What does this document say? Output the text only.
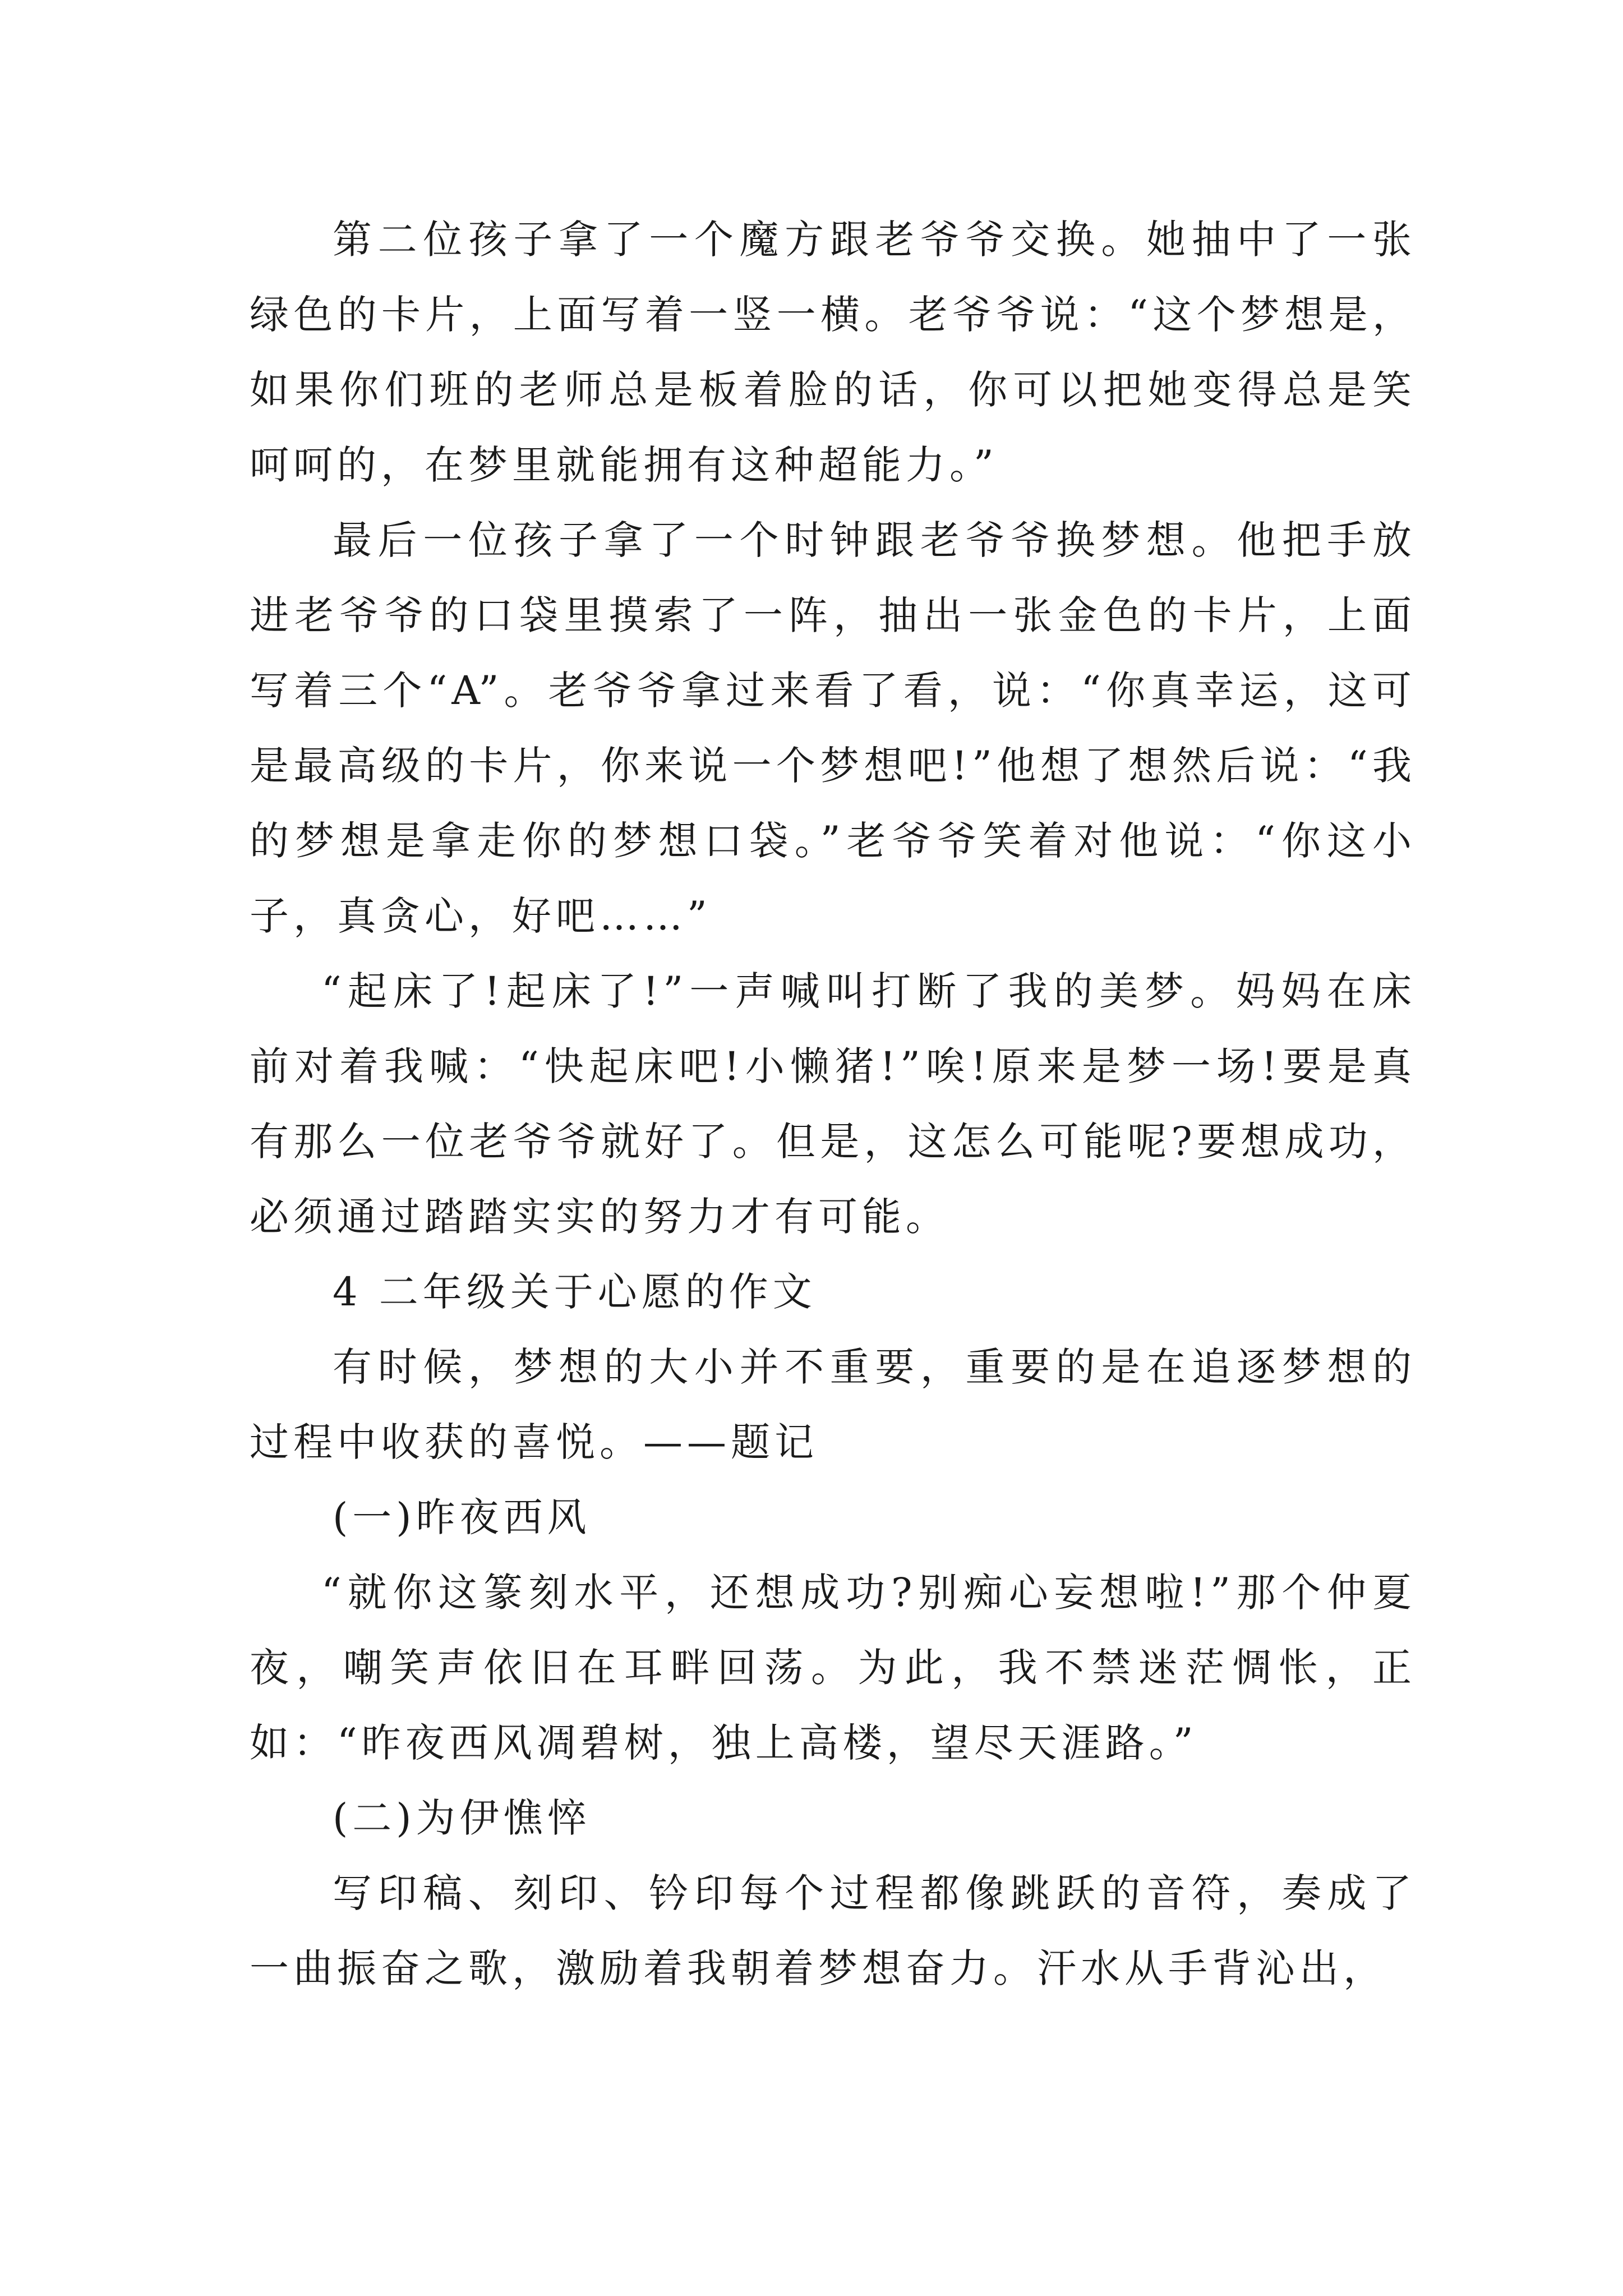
第二位孩子拿了一个魔方跟老爷爷交换。她抽中了一张绿色的卡片，上面写着一竖一横。老爷爷说：“这个梦想是，如果你们班的老师总是板着脸的话，你可以把她变得总是笑呵呵的，在梦里就能拥有这种超能力。”

最后一位孩子拿了一个时钟跟老爷爷换梦想。他把手放进老爷爷的口袋里摸索了一阵，抽出一张金色的卡片，上面写着三个“A”。老爷爷拿过来看了看，说：“你真幸运，这可是最高级的卡片，你来说一个梦想吧!”他想了想然后说：“我的梦想是拿走你的梦想口袋。”老爷爷笑着对他说：“你这小子，真贪心，好吧……”

“起床了!起床了!”一声喊叫打断了我的美梦。妈妈在床前对着我喊：“快起床吧!小懒猪!”唉!原来是梦一场!要是真有那么一位老爷爷就好了。但是，这怎么可能呢?要想成功，必须通过踏踏实实的努力才有可能。

4 二年级关于心愿的作文

有时候，梦想的大小并不重要，重要的是在追逐梦想的过程中收获的喜悦。——题记

(一)昨夜西风

“就你这篆刻水平，还想成功?别痴心妄想啦!”那个仲夏夜，嘲笑声依旧在耳畔回荡。为此，我不禁迷茫惆怅，正如：“昨夜西风凋碧树，独上高楼，望尽天涯路。”

(二)为伊憔悴

写印稿、刻印、钤印每个过程都像跳跃的音符，奏成了一曲振奋之歌，激励着我朝着梦想奋力。汗水从手背沁出，
